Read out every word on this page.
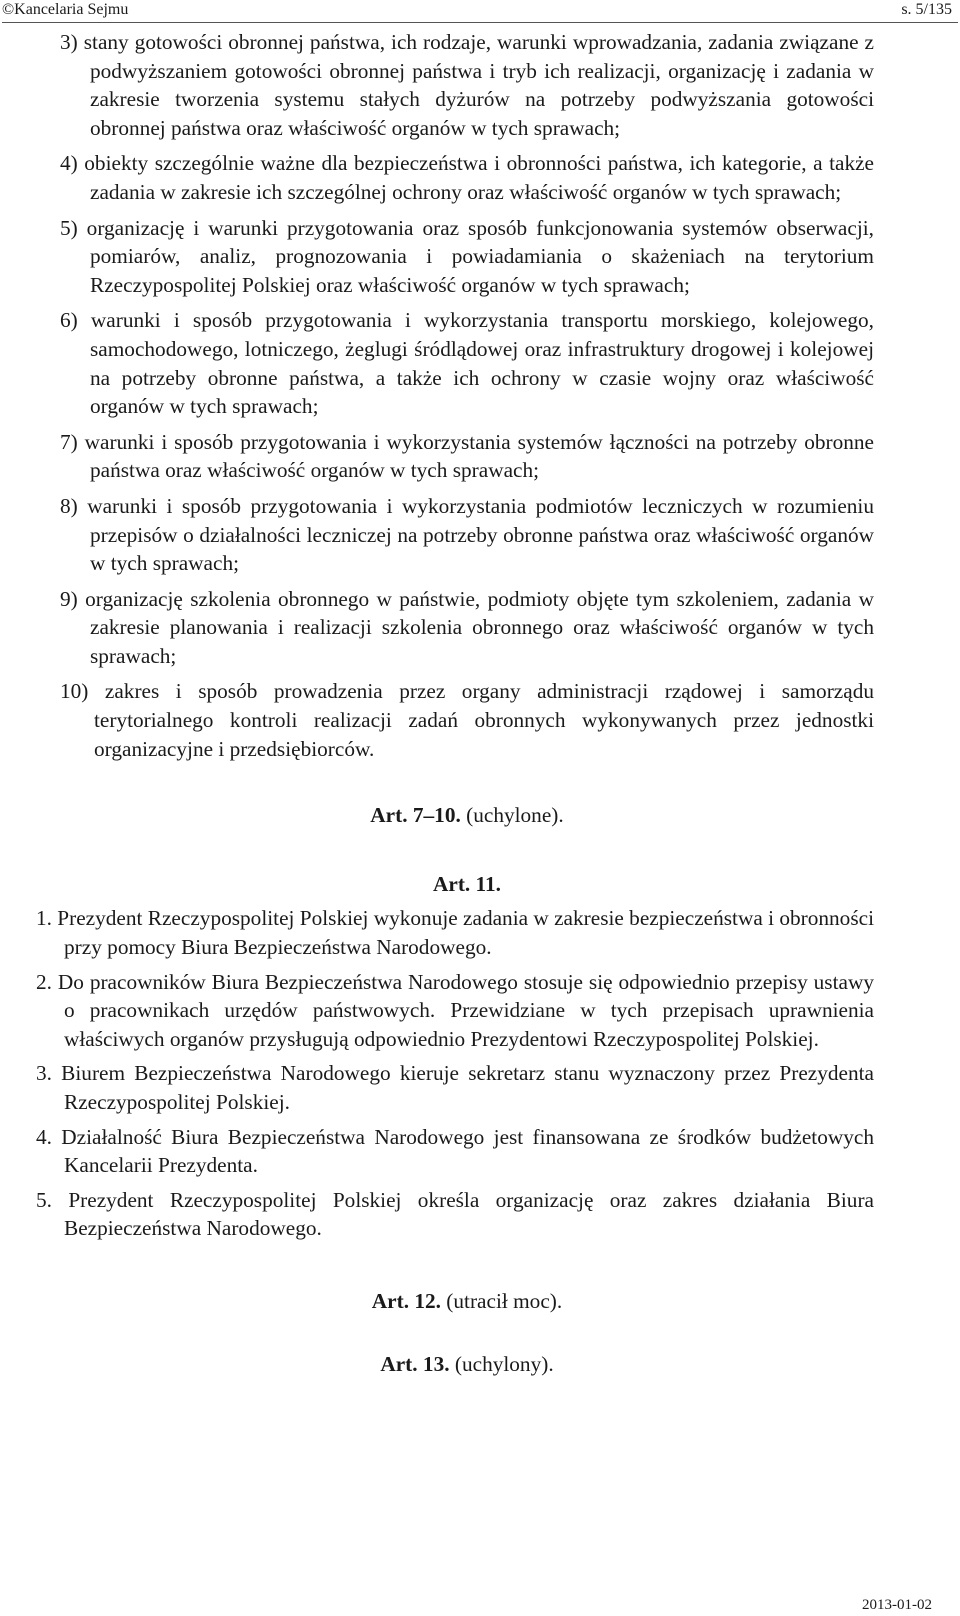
©Kancelaria Sejmu	s. 5/135
3) stany gotowości obronnej państwa, ich rodzaje, warunki wprowadzania, zadania związane z podwyższaniem gotowości obronnej państwa i tryb ich realizacji, organizację i zadania w zakresie tworzenia systemu stałych dyżurów na potrzeby podwyższania gotowości obronnej państwa oraz właściwość organów w tych sprawach;
4) obiekty szczególnie ważne dla bezpieczeństwa i obronności państwa, ich kategorie, a także zadania w zakresie ich szczególnej ochrony oraz właściwość organów w tych sprawach;
5) organizację i warunki przygotowania oraz sposób funkcjonowania systemów obserwacji, pomiarów, analiz, prognozowania i powiadamiania o skażeniach na terytorium Rzeczypospolitej Polskiej oraz właściwość organów w tych sprawach;
6) warunki i sposób przygotowania i wykorzystania transportu morskiego, kolejowego, samochodowego, lotniczego, żeglugi śródlądowej oraz infrastruktury drogowej i kolejowej na potrzeby obronne państwa, a także ich ochrony w czasie wojny oraz właściwość organów w tych sprawach;
7) warunki i sposób przygotowania i wykorzystania systemów łączności na potrzeby obronne państwa oraz właściwość organów w tych sprawach;
8) warunki i sposób przygotowania i wykorzystania podmiotów leczniczych w rozumieniu przepisów o działalności leczniczej na potrzeby obronne państwa oraz właściwość organów w tych sprawach;
9) organizację szkolenia obronnego w państwie, podmioty objęte tym szkoleniem, zadania w zakresie planowania i realizacji szkolenia obronnego oraz właściwość organów w tych sprawach;
10) zakres i sposób prowadzenia przez organy administracji rządowej i samorządu terytorialnego kontroli realizacji zadań obronnych wykonywanych przez jednostki organizacyjne i przedsiębiorców.
Art. 7–10. (uchylone).
Art. 11.
1. Prezydent Rzeczypospolitej Polskiej wykonuje zadania w zakresie bezpieczeństwa i obronności przy pomocy Biura Bezpieczeństwa Narodowego.
2. Do pracowników Biura Bezpieczeństwa Narodowego stosuje się odpowiednio przepisy ustawy o pracownikach urzędów państwowych. Przewidziane w tych przepisach uprawnienia właściwych organów przysługują odpowiednio Prezydentowi Rzeczypospolitej Polskiej.
3. Biurem Bezpieczeństwa Narodowego kieruje sekretarz stanu wyznaczony przez Prezydenta Rzeczypospolitej Polskiej.
4. Działalność Biura Bezpieczeństwa Narodowego jest finansowana ze środków budżetowych Kancelarii Prezydenta.
5. Prezydent Rzeczypospolitej Polskiej określa organizację oraz zakres działania Biura Bezpieczeństwa Narodowego.
Art. 12. (utracił moc).
Art. 13. (uchylony).
2013-01-02
